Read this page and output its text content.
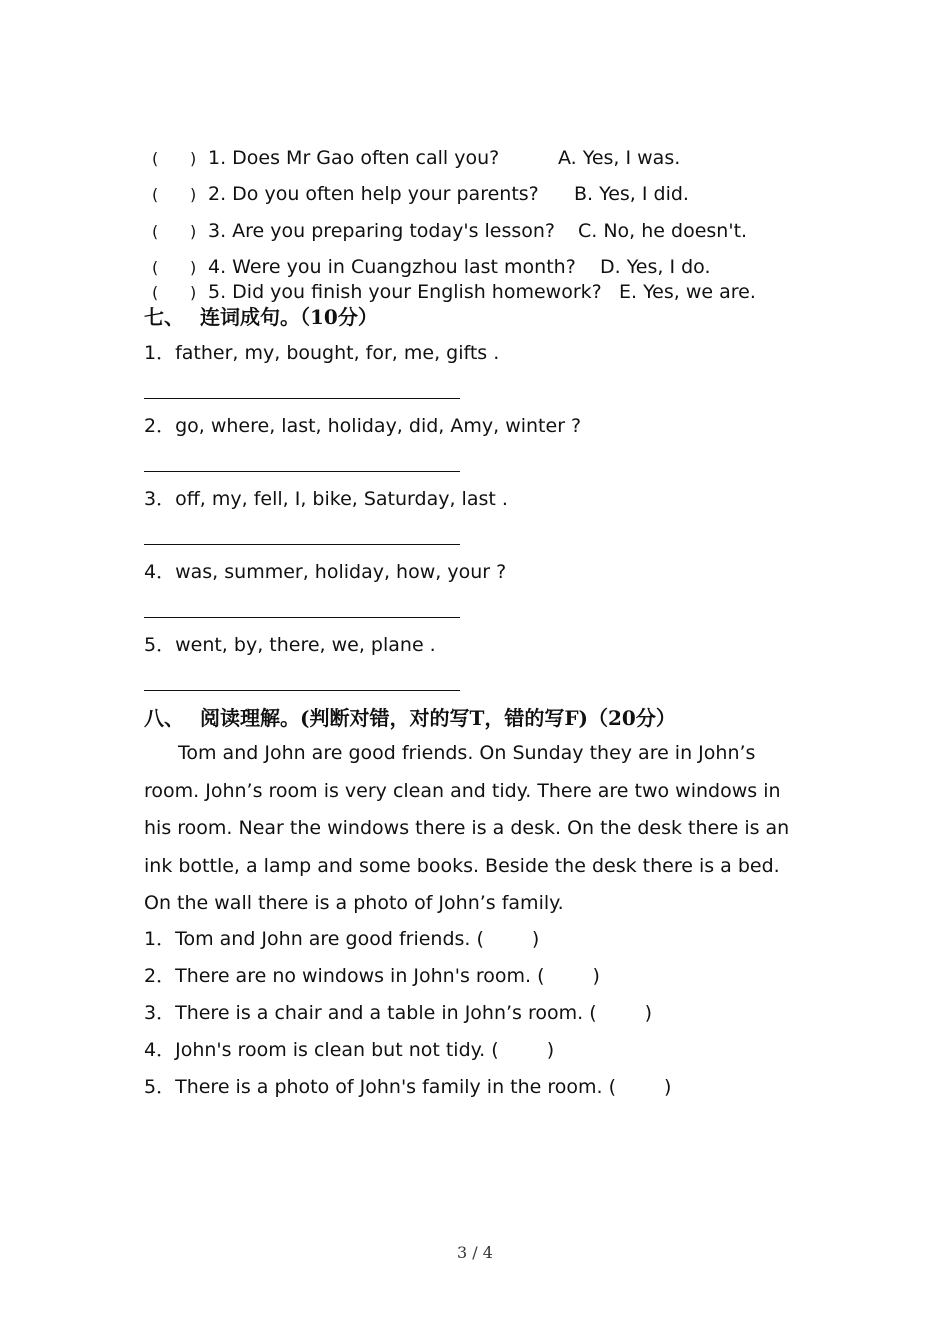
( ) 1. Does Mr Gao often call you?	A. Yes, I was.
( ) 2. Do you often help your parents? B. Yes, I did.
( ) 3. Are you preparing today's lesson? C. No, he doesn't.
( ) 4. Were you in Cuangzhou last month? D. Yes, I do.
( ) 5. Did you finish your English homework? E. Yes, we are.
七、 连词成句。（10分）
1．father, my, bought, for, me, gifts .
2．go, where, last, holiday, did, Amy, winter ?
3．off, my, fell, I, bike, Saturday, last .
4．was, summer, holiday, how, your ?
5．went, by, there, we, plane .
八、 阅读理解。(判断对错，对的写T，错的写F)（20分）
Tom and John are good friends. On Sunday they are in John’s room. John’s room is very clean and tidy. There are two windows in his room. Near the windows there is a desk. On the desk there is an ink bottle, a lamp and some books. Beside the desk there is a bed. On the wall there is a photo of John’s family.
1．Tom and John are good friends. (	)
2．There are no windows in John's room. (	)
3．There is a chair and a table in John’s room. (	)
4．John's room is clean but not tidy. (	)
5．There is a photo of John's family in the room. (	)
3 / 4
